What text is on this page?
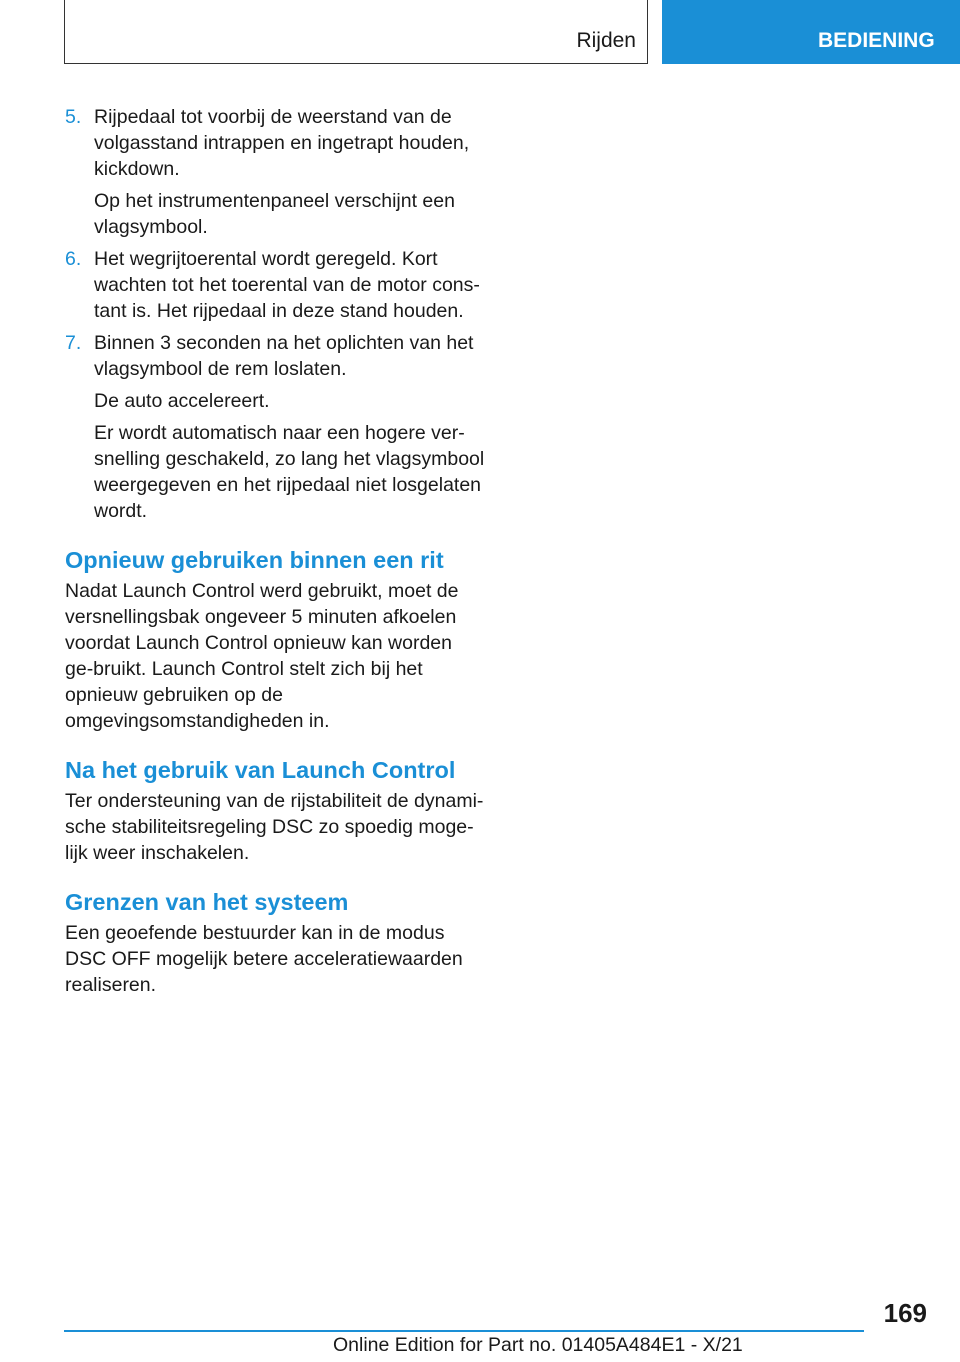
Rijden	BEDIENING
5. Rijpedaal tot voorbij de weerstand van de volgasstand intrappen en ingetrapt houden, kickdown.

Op het instrumentenpaneel verschijnt een vlagsymbool.

6. Het wegrijtoerental wordt geregeld. Kort wachten tot het toerental van de motor cons-tant is. Het rijpedaal in deze stand houden.

7. Binnen 3 seconden na het oplichten van het vlagsymbool de rem loslaten.

De auto accelereert.

Er wordt automatisch naar een hogere ver-snelling geschakeld, zo lang het vlagsymbool weergegeven en het rijpedaal niet losgelaten wordt.

Opnieuw gebruiken binnen een rit

Nadat Launch Control werd gebruikt, moet de versnellingsbak ongeveer 5 minuten afkoelen voordat Launch Control opnieuw kan worden ge-bruikt. Launch Control stelt zich bij het opnieuw gebruiken op de omgevingsomstandigheden in.

Na het gebruik van Launch Control

Ter ondersteuning van de rijstabiliteit de dynami-sche stabiliteitsregeling DSC zo spoedig moge-lijk weer inschakelen.

Grenzen van het systeem

Een geoefende bestuurder kan in de modus DSC OFF mogelijk betere acceleratiewaarden realiseren.

169
Online Edition for Part no. 01405A484E1 - X/21
